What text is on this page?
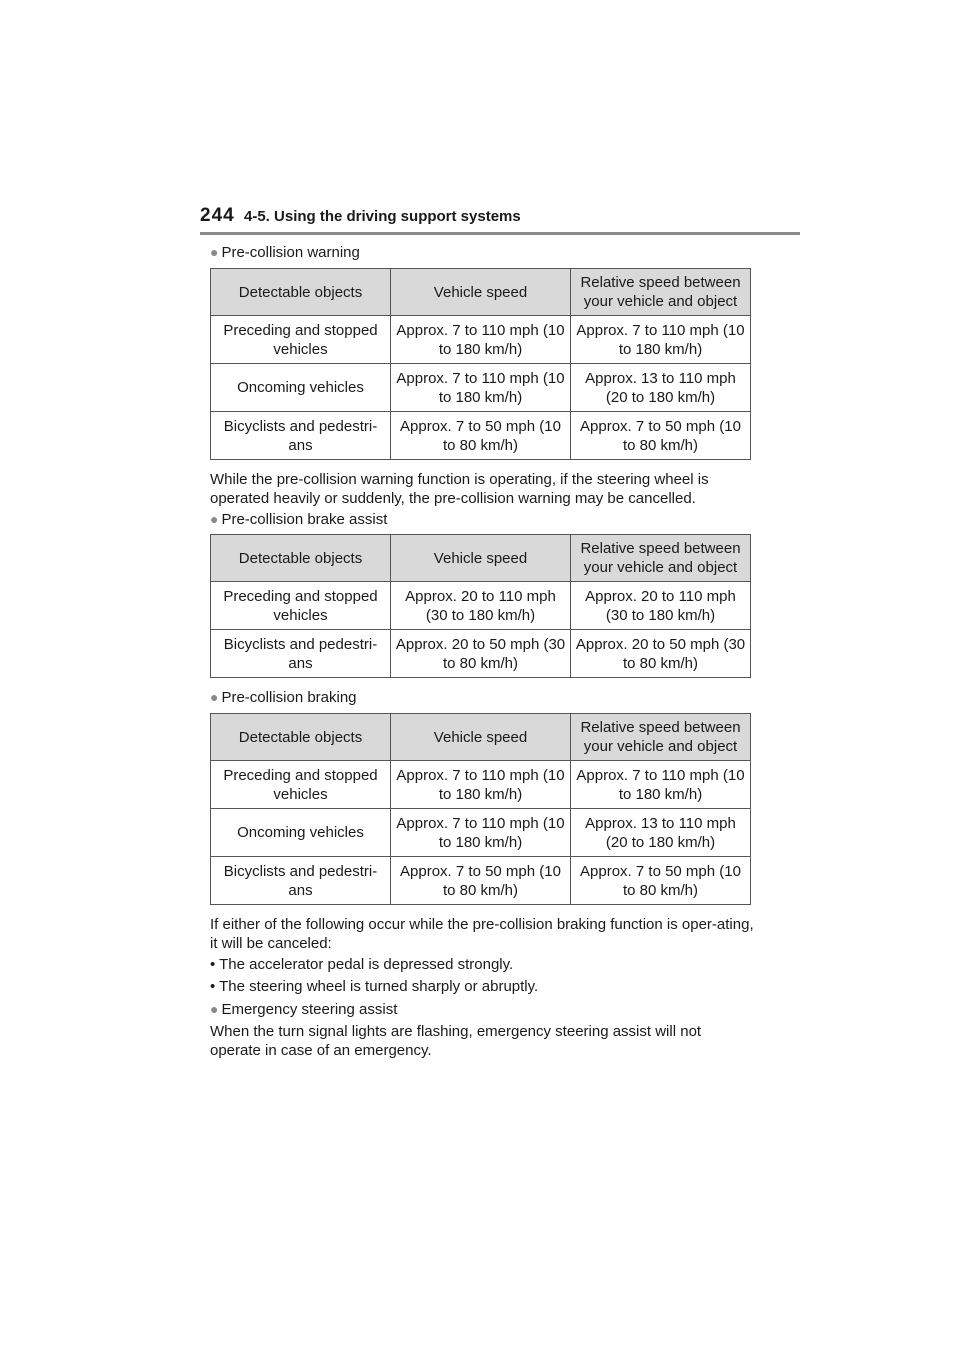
244 4-5. Using the driving support systems
● Pre-collision warning
Detectable objects	Vehicle speed	Relative speed between your vehicle and object
Preceding and stopped vehicles	Approx. 7 to 110 mph (10 to 180 km/h)	Approx. 7 to 110 mph (10 to 180 km/h)
Oncoming vehicles	Approx. 7 to 110 mph (10 to 180 km/h)	Approx. 13 to 110 mph (20 to 180 km/h)
Bicyclists and pedestri-ans	Approx. 7 to 50 mph (10 to 80 km/h)	Approx. 7 to 50 mph (10 to 80 km/h)
While the pre-collision warning function is operating, if the steering wheel is operated heavily or suddenly, the pre-collision warning may be cancelled.
● Pre-collision brake assist
Detectable objects	Vehicle speed	Relative speed between your vehicle and object
Preceding and stopped vehicles	Approx. 20 to 110 mph (30 to 180 km/h)	Approx. 20 to 110 mph (30 to 180 km/h)
Bicyclists and pedestri-ans	Approx. 20 to 50 mph (30 to 80 km/h)	Approx. 20 to 50 mph (30 to 80 km/h)
● Pre-collision braking
Detectable objects	Vehicle speed	Relative speed between your vehicle and object
Preceding and stopped vehicles	Approx. 7 to 110 mph (10 to 180 km/h)	Approx. 7 to 110 mph (10 to 180 km/h)
Oncoming vehicles	Approx. 7 to 110 mph (10 to 180 km/h)	Approx. 13 to 110 mph (20 to 180 km/h)
Bicyclists and pedestri-ans	Approx. 7 to 50 mph (10 to 80 km/h)	Approx. 7 to 50 mph (10 to 80 km/h)
If either of the following occur while the pre-collision braking function is oper-ating, it will be canceled:
• The accelerator pedal is depressed strongly.
• The steering wheel is turned sharply or abruptly.
● Emergency steering assist
When the turn signal lights are flashing, emergency steering assist will not operate in case of an emergency.
